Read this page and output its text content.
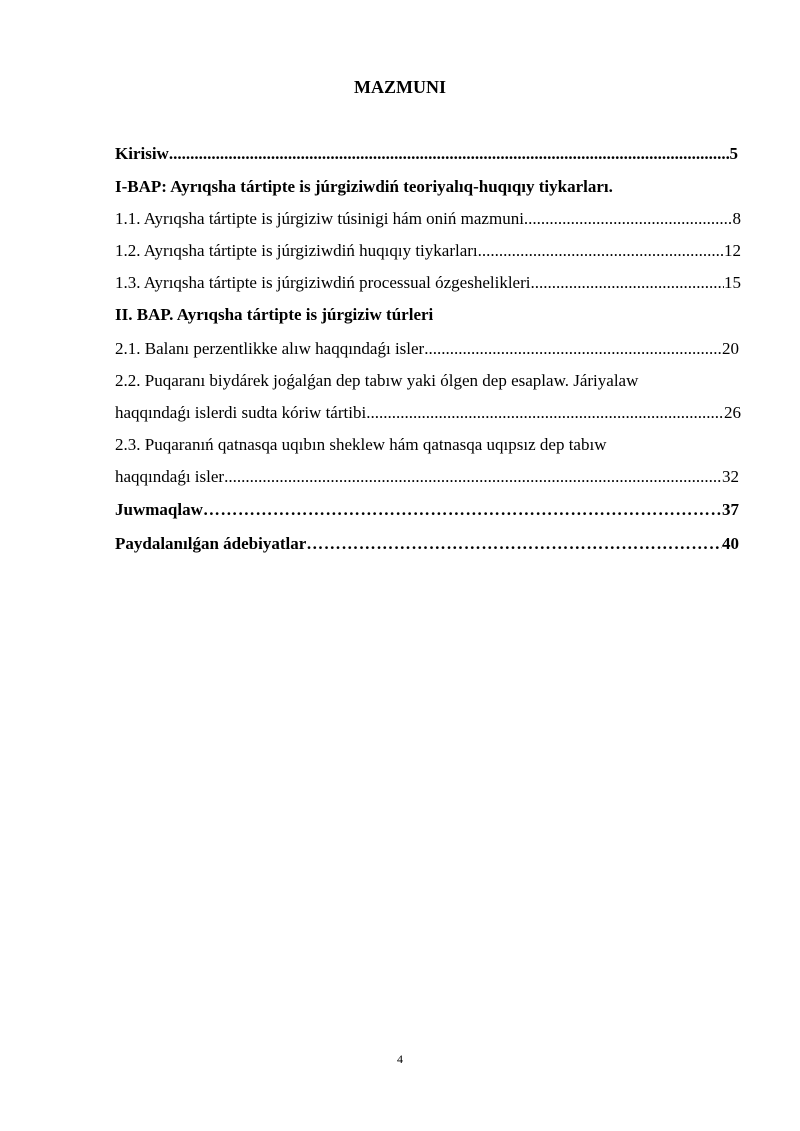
MAZMUNI
Kirisiw .....	5
I-BAP: Ayrıqsha tártipte is júrgiziwdiń teoriyalıq-huqıqıy tiykarları.
1.1. Ayrıqsha tártipte is júrgiziw túsinigi hám oniń mazmuni .....	8
1.2. Ayrıqsha tártipte is júrgiziwdiń huqıqıy tiykarları .....	12
1.3. Ayrıqsha tártipte is júrgiziwdiń processual ózgeshelikleri .....	15
II. BAP. Ayrıqsha tártipte is júrgiziw túrleri
2.1. Balanı perzentlikke alıw haqqındaǵı isler .....	20
2.2. Puqaranı biydárek joǵalǵan dep tabıw yaki ólgen dep esaplaw. Járiyalaw
haqqındaǵı islerdi sudta kóriw tártibi .....	26
2.3. Puqaranıń qatnasqa uqıbın sheklew hám qatnasqa uqıpsız dep tabıw
haqqındaǵı isler .....	32
Juwmaqlaw ……………………………………………………………………………………………………………………………………………………………………………………………………………………………………………………………	37
Paydalanılǵan ádebiyatlar ……………………………………………………………………………………………………………………………………………………………………………………………………………………………………………………………	40
4
